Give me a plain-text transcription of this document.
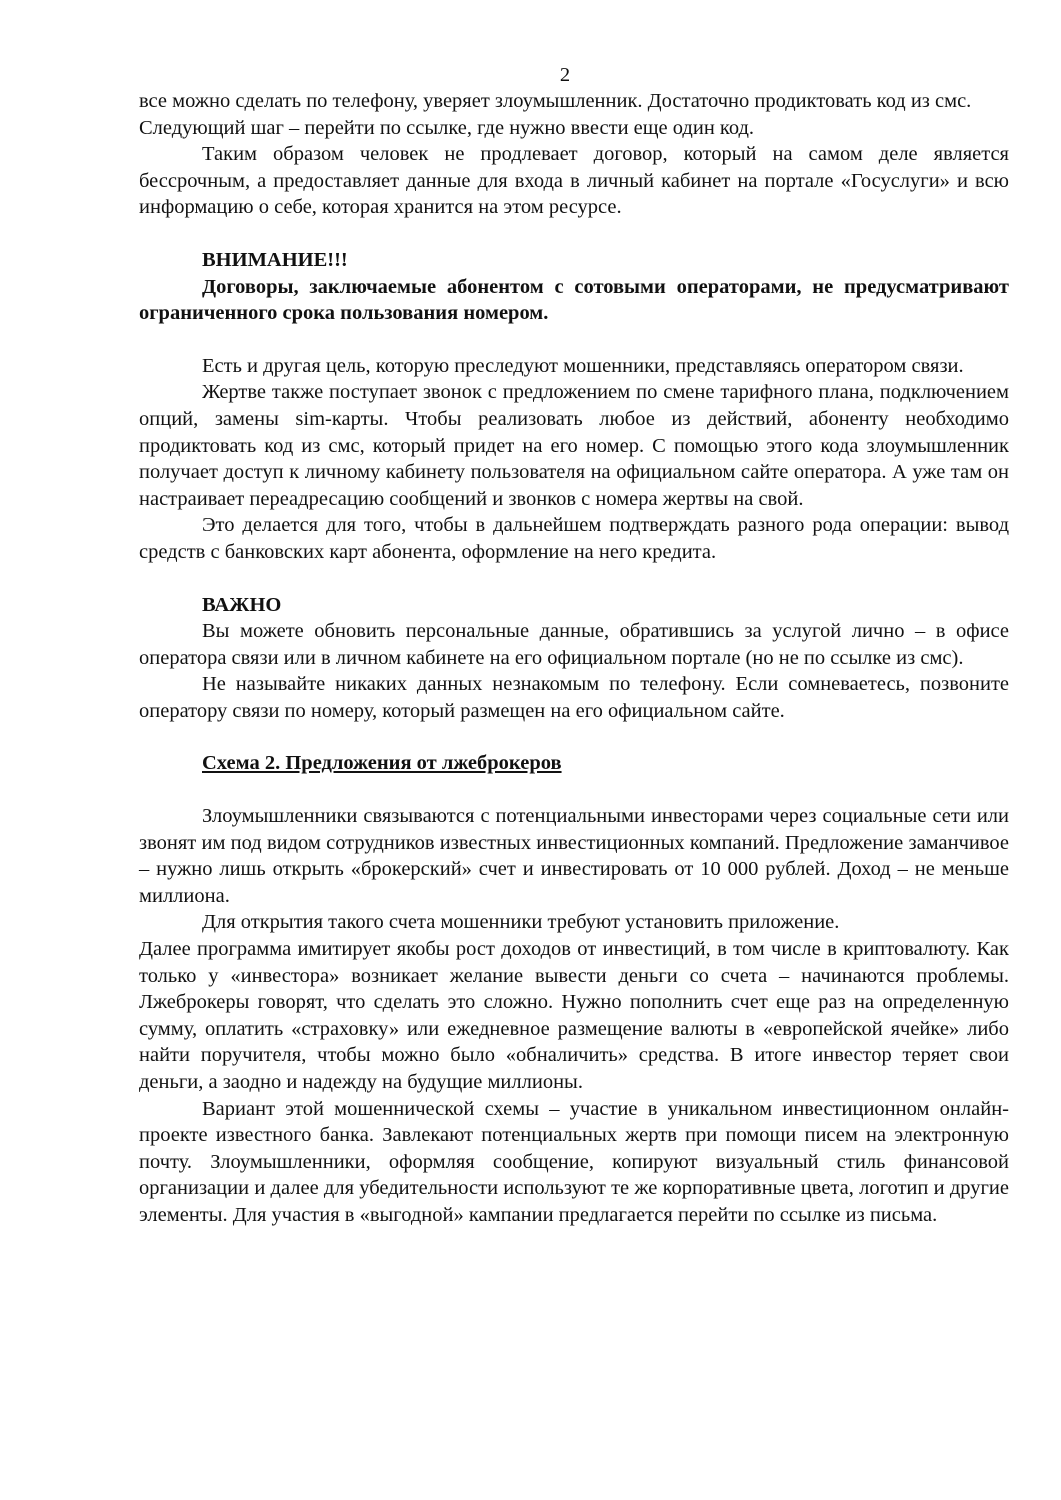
2

все можно сделать по телефону, уверяет злоумышленник. Достаточно продиктовать код из смс.

Следующий шаг – перейти по ссылке, где нужно ввести еще один код.

Таким образом человек не продлевает договор, который на самом деле является бессрочным, а предоставляет данные для входа в личный кабинет на портале «Госуслуги» и всю информацию о себе, которая хранится на этом ресурсе.

ВНИМАНИЕ!!!

Договоры, заключаемые абонентом с сотовыми операторами, не предусматривают ограниченного срока пользования номером.

Есть и другая цель, которую преследуют мошенники, представляясь оператором связи.

Жертве также поступает звонок с предложением по смене тарифного плана, подключением опций, замены sim-карты. Чтобы реализовать любое из действий, абоненту необходимо продиктовать код из смс, который придет на его номер. С помощью этого кода злоумышленник получает доступ к личному кабинету пользователя на официальном сайте оператора. А уже там он настраивает переадресацию сообщений и звонков с номера жертвы на свой.

Это делается для того, чтобы в дальнейшем подтверждать разного рода операции: вывод средств с банковских карт абонента, оформление на него кредита.

ВАЖНО

Вы можете обновить персональные данные, обратившись за услугой лично – в офисе оператора связи или в личном кабинете на его официальном портале (но не по ссылке из смс).

Не называйте никаких данных незнакомым по телефону. Если сомневаетесь, позвоните оператору связи по номеру, который размещен на его официальном сайте.

Схема 2. Предложения от лжеброкеров

Злоумышленники связываются с потенциальными инвесторами через социальные сети или звонят им под видом сотрудников известных инвестиционных компаний. Предложение заманчивое – нужно лишь открыть «брокерский» счет и инвестировать от 10 000 рублей. Доход – не меньше миллиона.

Для открытия такого счета мошенники требуют установить приложение.

Далее программа имитирует якобы рост доходов от инвестиций, в том числе в криптовалюту. Как только у «инвестора» возникает желание вывести деньги со счета – начинаются проблемы. Лжеброкеры говорят, что сделать это сложно. Нужно пополнить счет еще раз на определенную сумму, оплатить «страховку» или ежедневное размещение валюты в «европейской ячейке» либо найти поручителя, чтобы можно было «обналичить» средства. В итоге инвестор теряет свои деньги, а заодно и надежду на будущие миллионы.

Вариант этой мошеннической схемы – участие в уникальном инвестиционном онлайн-проекте известного банка. Завлекают потенциальных жертв при помощи писем на электронную почту. Злоумышленники, оформляя сообщение, копируют визуальный стиль финансовой организации и далее для убедительности используют те же корпоративные цвета, логотип и другие элементы. Для участия в «выгодной» кампании предлагается перейти по ссылке из письма.
